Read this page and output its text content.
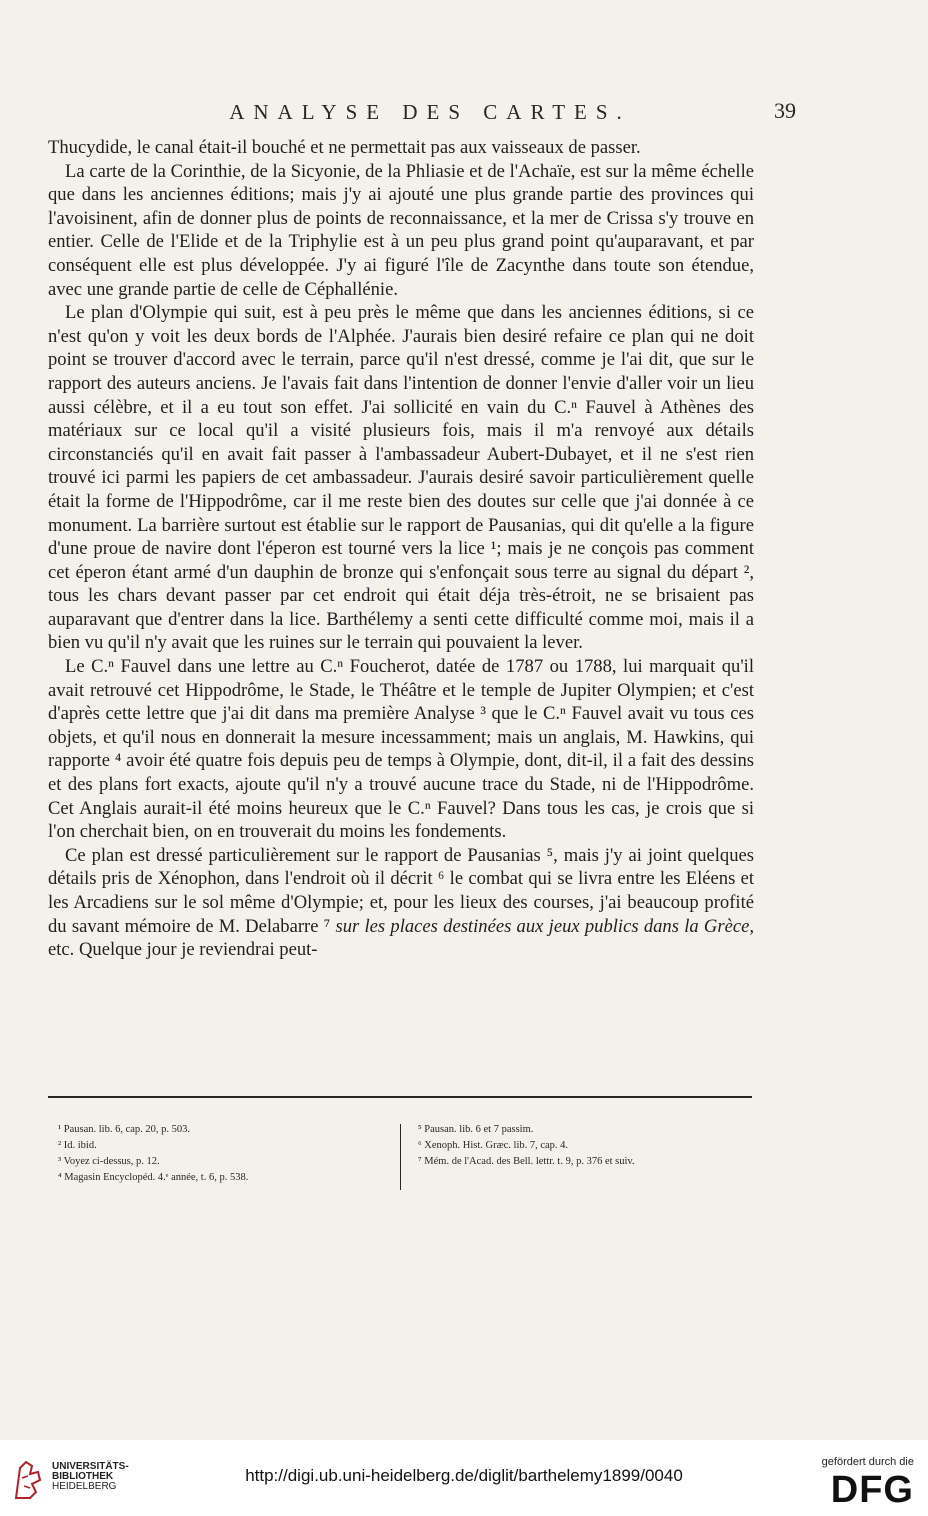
ANALYSE DES CARTES.	39

Thucydide, le canal était-il bouché et ne permettait pas aux vaisseaux de passer.

La carte de la Corinthie, de la Sicyonie, de la Phliasie et de l'Achaïe, est sur la même échelle que dans les anciennes éditions; mais j'y ai ajouté une plus grande partie des provinces qui l'avoisinent, afin de donner plus de points de reconnaissance, et la mer de Crissa s'y trouve en entier. Celle de l'Elide et de la Triphylie est à un peu plus grand point qu'auparavant, et par conséquent elle est plus développée. J'y ai figuré l'île de Zacynthe dans toute son étendue, avec une grande partie de celle de Céphallénie.

Le plan d'Olympie qui suit, est à peu près le même que dans les anciennes éditions, si ce n'est qu'on y voit les deux bords de l'Alphée. J'aurais bien desiré refaire ce plan qui ne doit point se trouver d'accord avec le terrain, parce qu'il n'est dressé, comme je l'ai dit, que sur le rapport des auteurs anciens. Je l'avais fait dans l'intention de donner l'envie d'aller voir un lieu aussi célèbre, et il a eu tout son effet. J'ai sollicité en vain du C.ⁿ Fauvel à Athènes des matériaux sur ce local qu'il a visité plusieurs fois, mais il m'a renvoyé aux détails circonstanciés qu'il en avait fait passer à l'ambassadeur Aubert-Dubayet, et il ne s'est rien trouvé ici parmi les papiers de cet ambassadeur. J'aurais desiré savoir particulièrement quelle était la forme de l'Hippodrôme, car il me reste bien des doutes sur celle que j'ai donnée à ce monument. La barrière surtout est établie sur le rapport de Pausanias, qui dit qu'elle a la figure d'une proue de navire dont l'éperon est tourné vers la lice ¹; mais je ne conçois pas comment cet éperon étant armé d'un dauphin de bronze qui s'enfonçait sous terre au signal du départ ², tous les chars devant passer par cet endroit qui était déja très-étroit, ne se brisaient pas auparavant que d'entrer dans la lice. Barthélemy a senti cette difficulté comme moi, mais il a bien vu qu'il n'y avait que les ruines sur le terrain qui pouvaient la lever.

Le C.ⁿ Fauvel dans une lettre au C.ⁿ Foucherot, datée de 1787 ou 1788, lui marquait qu'il avait retrouvé cet Hippodrôme, le Stade, le Théâtre et le temple de Jupiter Olympien; et c'est d'après cette lettre que j'ai dit dans ma première Analyse ³ que le C.ⁿ Fauvel avait vu tous ces objets, et qu'il nous en donnerait la mesure incessamment; mais un anglais, M. Hawkins, qui rapporte ⁴ avoir été quatre fois depuis peu de temps à Olympie, dont, dit-il, il a fait des dessins et des plans fort exacts, ajoute qu'il n'y a trouvé aucune trace du Stade, ni de l'Hippodrôme. Cet Anglais aurait-il été moins heureux que le C.ⁿ Fauvel? Dans tous les cas, je crois que si l'on cherchait bien, on en trouverait du moins les fondements.

Ce plan est dressé particulièrement sur le rapport de Pausanias ⁵, mais j'y ai joint quelques détails pris de Xénophon, dans l'endroit où il décrit ⁶ le combat qui se livra entre les Eléens et les Arcadiens sur le sol même d'Olympie; et, pour les lieux des courses, j'ai beaucoup profité du savant mémoire de M. Delabarre ⁷ sur les places destinées aux jeux publics dans la Grèce, etc. Quelque jour je reviendrai peut-

¹ Pausan. lib. 6, cap. 20, p. 503.
² Id. ibid.
³ Voyez ci-dessus, p. 12.
⁴ Magasin Encyclopéd. 4.ᵉ année, t. 6, p. 538.
⁵ Pausan. lib. 6 et 7 passim.
⁶ Xenoph. Hist. Græc. lib. 7, cap. 4.
⁷ Mém. de l'Acad. des Bell. lettr. t. 9, p. 376 et suiv.
UNIVERSITÄTS-
BIBLIOTHEK
HEIDELBERG
http://digi.ub.uni-heidelberg.de/diglit/barthelemy1899/0040
gefördert durch die
DFG
